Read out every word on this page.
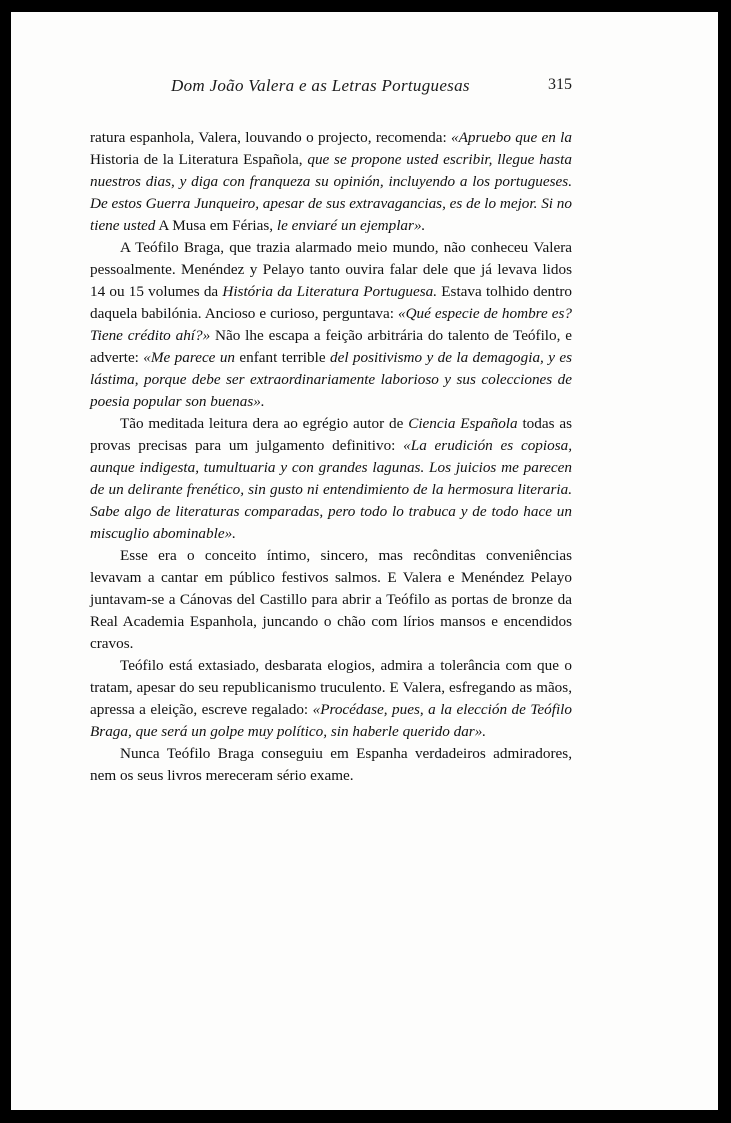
Dom João Valera e as Letras Portuguesas	315

ratura espanhola, Valera, louvando o projecto, recomenda: «Apruebo que en la Historia de la Literatura Española, que se propone usted escribir, llegue hasta nuestros dias, y diga con franqueza su opinión, incluyendo a los portugueses. De estos Guerra Junqueiro, apesar de sus extravagancias, es de lo mejor. Si no tiene usted A Musa em Férias, le enviaré un ejemplar».

A Teófilo Braga, que trazia alarmado meio mundo, não conheceu Valera pessoalmente. Menéndez y Pelayo tanto ouvira falar dele que já levava lidos 14 ou 15 volumes da História da Literatura Portuguesa. Estava tolhido dentro daquela babilónia. Ancioso e curioso, perguntava: «Qué especie de hombre es? Tiene crédito ahí?» Não lhe escapa a feição arbitrária do talento de Teófilo, e adverte: «Me parece un enfant terrible del positivismo y de la demagogia, y es lástima, porque debe ser extraordinariamente laborioso y sus colecciones de poesia popular son buenas».

Tão meditada leitura dera ao egrégio autor de Ciencia Española todas as provas precisas para um julgamento definitivo: «La erudición es copiosa, aunque indigesta, tumultuaria y con grandes lagunas. Los juicios me parecen de un delirante frenético, sin gusto ni entendimiento de la hermosura literaria. Sabe algo de literaturas comparadas, pero todo lo trabuca y de todo hace un miscuglio abominable».

Esse era o conceito íntimo, sincero, mas recônditas conveniências levavam a cantar em público festivos salmos. E Valera e Menéndez Pelayo juntavam-se a Cánovas del Castillo para abrir a Teófilo as portas de bronze da Real Academia Espanhola, juncando o chão com lírios mansos e encendidos cravos.

Teófilo está extasiado, desbarata elogios, admira a tolerância com que o tratam, apesar do seu republicanismo truculento. E Valera, esfregando as mãos, apressa a eleição, escreve regalado: «Procédase, pues, a la elección de Teófilo Braga, que será un golpe muy político, sin haberle querido dar».

Nunca Teófilo Braga conseguiu em Espanha verdadeiros admiradores, nem os seus livros mereceram sério exame.
